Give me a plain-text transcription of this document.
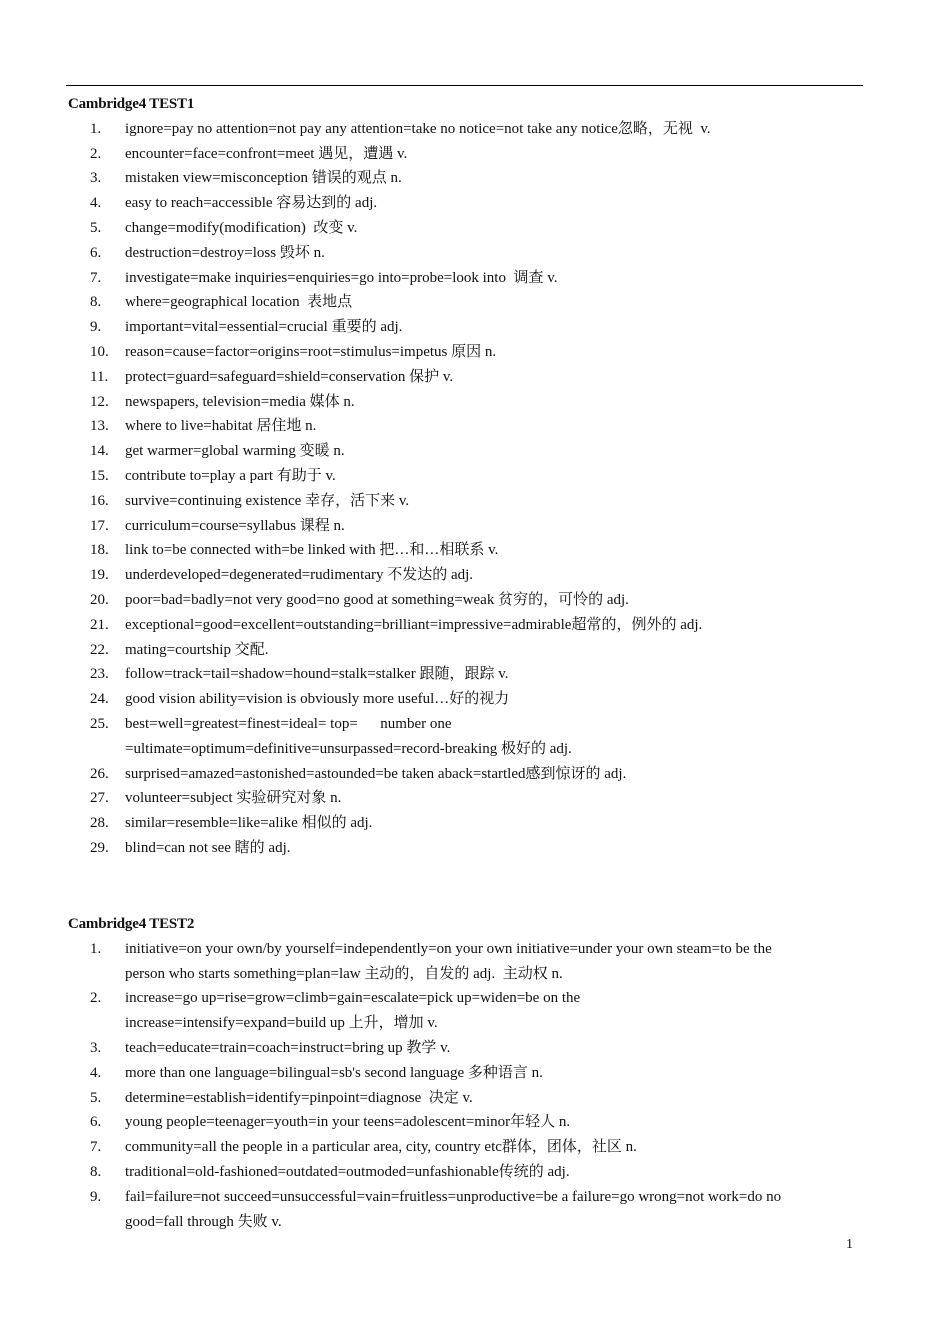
Cambridge4 TEST1
1.	ignore=pay no attention=not pay any attention=take no notice=not take any notice忽略，无视  v.
2.	encounter=face=confront=meet 遇见，遭遇 v.
3.	mistaken view=misconception 错误的观点 n.
4.	easy to reach=accessible 容易达到的 adj.
5.	change=modify(modification)  改变 v.
6.	destruction=destroy=loss 毁坏 n.
7.	investigate=make inquiries=enquiries=go into=probe=look into  调查 v.
8.	where=geographical location  表地点
9.	important=vital=essential=crucial 重要的 adj.
10.	reason=cause=factor=origins=root=stimulus=impetus 原因 n.
11.	protect=guard=safeguard=shield=conservation 保护 v.
12.	newspapers, television=media 媒体 n.
13.	where to live=habitat 居住地 n.
14.	get warmer=global warming 变暖 n.
15.	contribute to=play a part 有助于 v.
16.	survive=continuing existence 幸存，活下来 v.
17.	curriculum=course=syllabus 课程 n.
18.	link to=be connected with=be linked with 把…和…相联系 v.
19.	underdeveloped=degenerated=rudimentary 不发达的 adj.
20.	poor=bad=badly=not very good=no good at something=weak 贫穷的，可怜的 adj.
21.	exceptional=good=excellent=outstanding=brilliant=impressive=admirable超常的，例外的 adj.
22.	mating=courtship 交配.
23.	follow=track=tail=shadow=hound=stalk=stalker 跟随，跟踪 v.
24.	good vision ability=vision is obviously more useful…好的视力
25.	best=well=greatest=finest=ideal= top=      number one
=ultimate=optimum=definitive=unsurpassed=record-breaking 极好的 adj.
26.	surprised=amazed=astonished=astounded=be taken aback=startled感到惊讶的 adj.
27.	volunteer=subject 实验研究对象 n.
28.	similar=resemble=like=alike 相似的 adj.
29.	blind=can not see 瞎的 adj.
Cambridge4 TEST2
1.	initiative=on your own/by yourself=independently=on your own initiative=under your own steam=to be the
person who starts something=plan=law 主动的，自发的 adj.  主动权 n.
2.	increase=go up=rise=grow=climb=gain=escalate=pick up=widen=be on the
increase=intensify=expand=build up 上升，增加 v.
3.	teach=educate=train=coach=instruct=bring up 教学 v.
4.	more than one language=bilingual=sb's second language 多种语言 n.
5.	determine=establish=identify=pinpoint=diagnose  决定 v.
6.	young people=teenager=youth=in your teens=adolescent=minor年轻人 n.
7.	community=all the people in a particular area, city, country etc群体，团体，社区 n.
8.	traditional=old-fashioned=outdated=outmoded=unfashionable传统的 adj.
9.	fail=failure=not succeed=unsuccessful=vain=fruitless=unproductive=be a failure=go wrong=not work=do no
good=fall through 失败 v.
1
